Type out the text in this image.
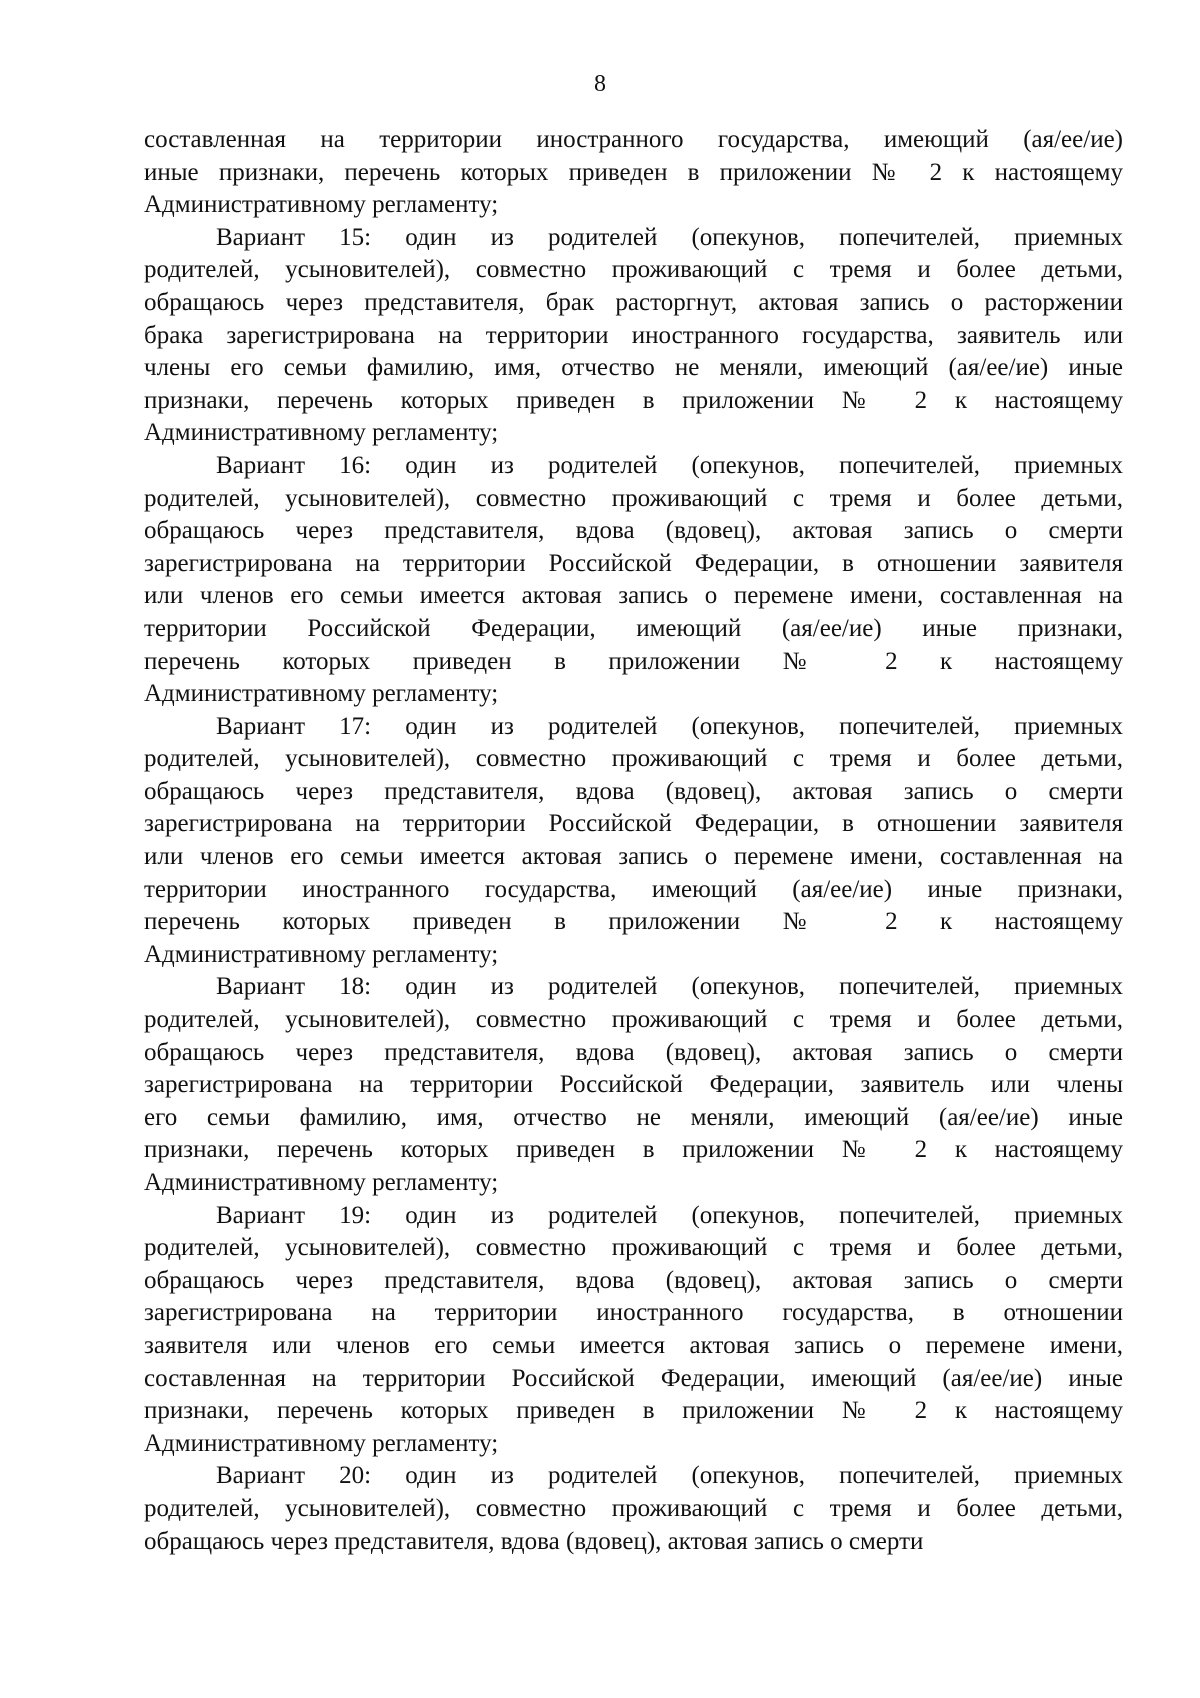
8
составленная на территории иностранного государства, имеющий (ая/ее/ие)
иные признаки, перечень которых приведен в приложении № 2 к настоящему
Административному регламенту;
Вариант 15: один из родителей (опекунов, попечителей, приемных
родителей, усыновителей), совместно проживающий с тремя и более детьми,
обращаюсь через представителя, брак расторгнут, актовая запись о расторжении
брака зарегистрирована на территории иностранного государства, заявитель или
члены его семьи фамилию, имя, отчество не меняли, имеющий (ая/ее/ие) иные
признаки, перечень которых приведен в приложении № 2 к настоящему
Административному регламенту;
Вариант 16: один из родителей (опекунов, попечителей, приемных
родителей, усыновителей), совместно проживающий с тремя и более детьми,
обращаюсь через представителя, вдова (вдовец), актовая запись о смерти
зарегистрирована на территории Российской Федерации, в отношении заявителя
или членов его семьи имеется актовая запись о перемене имени, составленная на
территории Российской Федерации, имеющий (ая/ее/ие) иные признаки,
перечень которых приведен в приложении № 2 к настоящему
Административному регламенту;
Вариант 17: один из родителей (опекунов, попечителей, приемных
родителей, усыновителей), совместно проживающий с тремя и более детьми,
обращаюсь через представителя, вдова (вдовец), актовая запись о смерти
зарегистрирована на территории Российской Федерации, в отношении заявителя
или членов его семьи имеется актовая запись о перемене имени, составленная на
территории иностранного государства, имеющий (ая/ее/ие) иные признаки,
перечень которых приведен в приложении № 2 к настоящему
Административному регламенту;
Вариант 18: один из родителей (опекунов, попечителей, приемных
родителей, усыновителей), совместно проживающий с тремя и более детьми,
обращаюсь через представителя, вдова (вдовец), актовая запись о смерти
зарегистрирована на территории Российской Федерации, заявитель или члены
его семьи фамилию, имя, отчество не меняли, имеющий (ая/ее/ие) иные
признаки, перечень которых приведен в приложении № 2 к настоящему
Административному регламенту;
Вариант 19: один из родителей (опекунов, попечителей, приемных
родителей, усыновителей), совместно проживающий с тремя и более детьми,
обращаюсь через представителя, вдова (вдовец), актовая запись о смерти
зарегистрирована на территории иностранного государства, в отношении
заявителя или членов его семьи имеется актовая запись о перемене имени,
составленная на территории Российской Федерации, имеющий (ая/ее/ие) иные
признаки, перечень которых приведен в приложении № 2 к настоящему
Административному регламенту;
Вариант 20: один из родителей (опекунов, попечителей, приемных
родителей, усыновителей), совместно проживающий с тремя и более детьми,
обращаюсь через представителя, вдова (вдовец), актовая запись о смерти
